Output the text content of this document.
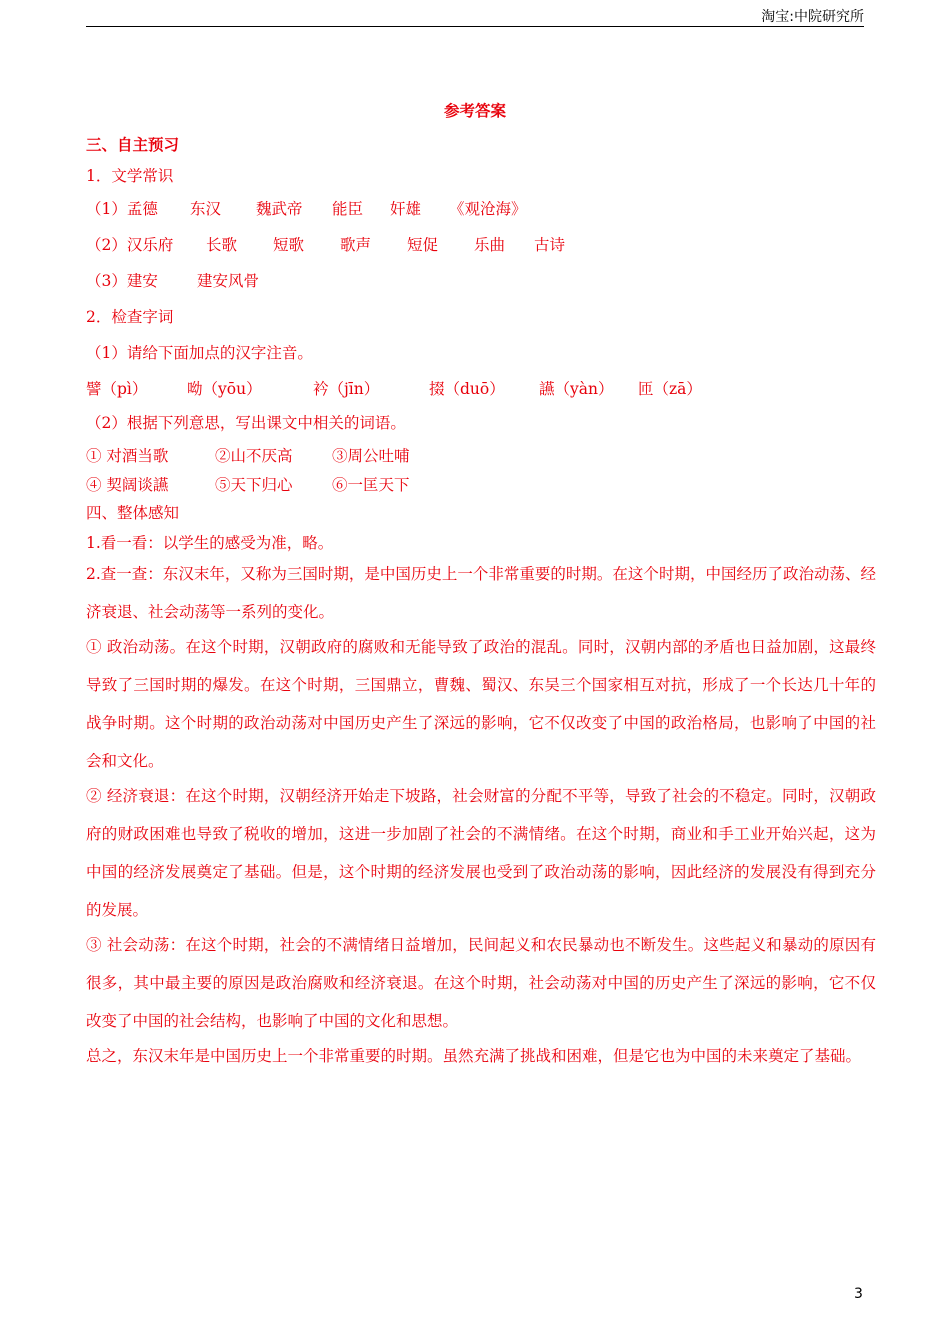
淘宝:中院研究所
参考答案
三、自主预习
1．文学常识
（1）孟德 东汉 魏武帝 能臣 奸雄 《观沧海》
（2）汉乐府 长歌 短歌 歌声 短促 乐曲 古诗
（3）建安	建安风骨
2．检查字词
（1）请给下面加点的汉字注音。
譬（pì）	呦（yōu）	衿（jīn）	掇（duō） 讌（yàn） 匝（zā）
（2）根据下列意思，写出课文中相关的词语。
① 对酒当歌	②山不厌高	③周公吐哺
④ 契阔谈讌	⑤天下归心	⑥一匡天下
四、整体感知
1.看一看：以学生的感受为准，略。

2.查一查：东汉末年，又称为三国时期，是中国历史上一个非常重要的时期。在这个时期，中国经历了政治动荡、经济衰退、社会动荡等一系列的变化。

① 政治动荡。在这个时期，汉朝政府的腐败和无能导致了政治的混乱。同时，汉朝内部的矛盾也日益加剧，这最终导致了三国时期的爆发。在这个时期，三国鼎立，曹魏、蜀汉、东吴三个国家相互对抗，形成了一个长达几十年的战争时期。这个时期的政治动荡对中国历史产生了深远的影响，它不仅改变了中国的政治格局，也影响了中国的社会和文化。

② 经济衰退：在这个时期，汉朝经济开始走下坡路，社会财富的分配不平等，导致了社会的不稳定。同时，汉朝政府的财政困难也导致了税收的增加，这进一步加剧了社会的不满情绪。在这个时期，商业和手工业开始兴起，这为中国的经济发展奠定了基础。但是，这个时期的经济发展也受到了政治动荡的影响，因此经济的发展没有得到充分的发展。

③ 社会动荡：在这个时期，社会的不满情绪日益增加，民间起义和农民暴动也不断发生。这些起义和暴动的原因有很多，其中最主要的原因是政治腐败和经济衰退。在这个时期，社会动荡对中国的历史产生了深远的影响，它不仅改变了中国的社会结构，也影响了中国的文化和思想。

总之，东汉末年是中国历史上一个非常重要的时期。虽然充满了挑战和困难，但是它也为中国的未来奠定了基础。

3
